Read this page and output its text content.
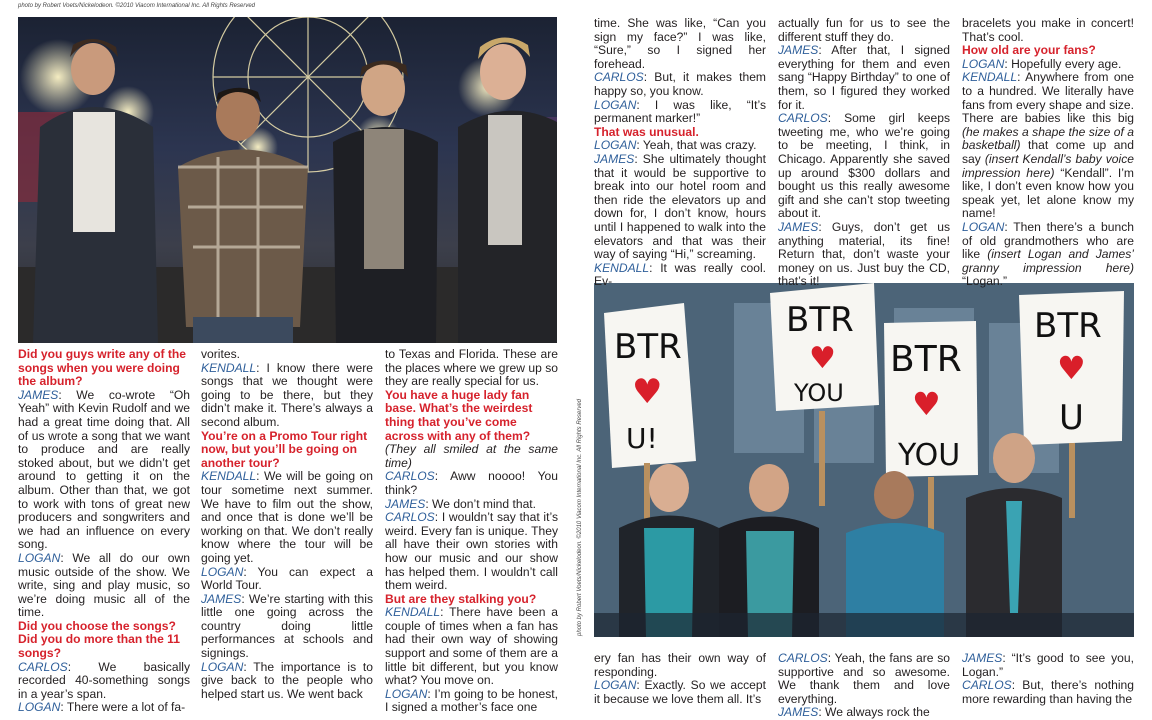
photo by Robert Voets/Nickelodeon. ©2010 Viacom International Inc. All Rights Reserved
photo by Robert Voets/Nickelodeon. ©2010 Viacom International Inc. All Rights Reserved
BTR
♥
U!
BTR
♥
YOU
BTR
♥
YOU
BTR
♥
U

Did you guys write any of the songs when you were doing the album?

JAMES: We co-wrote “Oh Yeah” with Kevin Rudolf and we had a great time doing that. All of us wrote a song that we want to produce and are really stoked about, but we didn’t get around to getting it on the album. Other than that, we got to work with tons of great new producers and songwriters and we had an influence on every song.

LOGAN: We all do our own music outside of the show. We write, sing and play music, so we’re doing music all of the time.

Did you choose the songs? Did you do more than the 11 songs?

CARLOS: We basically recorded 40-something songs in a year’s span.

LOGAN: There were a lot of fa-

vorites.

KENDALL: I know there were songs that we thought were going to be there, but they didn’t make it. There’s always a second album.

You’re on a Promo Tour right now, but you’ll be going on another tour?

KENDALL: We will be going on tour sometime next summer. We have to film out the show, and once that is done we’ll be working on that. We don’t really know where the tour will be going yet.

LOGAN: You can expect a World Tour.

JAMES: We’re starting with this little one going across the country doing little performances at schools and signings.

LOGAN: The importance is to give back to the people who helped start us. We went back

to Texas and Florida. These are the places where we grew up so they are really special for us.

You have a huge lady fan base. What’s the weirdest thing that you’ve come across with any of them?

(They all smiled at the same time)

CARLOS: Aww noooo! You think?

JAMES: We don’t mind that.

CARLOS: I wouldn’t say that it’s weird. Every fan is unique. They all have their own stories with how our music and our show has helped them. I wouldn’t call them weird.

But are they stalking you?

KENDALL: There have been a couple of times when a fan has had their own way of showing support and some of them are a little bit different, but you know what? You move on.

LOGAN: I’m going to be honest, I signed a mother’s face one

time. She was like, “Can you sign my face?” I was like, “Sure,” so I signed her forehead.

CARLOS: But, it makes them happy so, you know.

LOGAN: I was like, “It’s permanent marker!”

That was unusual.

LOGAN: Yeah, that was crazy.

JAMES: She ultimately thought that it would be supportive to break into our hotel room and then ride the elevators up and down for, I don’t know, hours until I happened to walk into the elevators and that was their way of saying “Hi,” screaming.

KENDALL: It was really cool. Ev-

actually fun for us to see the different stuff they do.

JAMES: After that, I signed everything for them and even sang “Happy Birthday” to one of them, so I figured they worked for it.

CARLOS: Some girl keeps tweeting me, who we’re going to be meeting, I think, in Chicago. Apparently she saved up around $300 dollars and bought us this really awesome gift and she can’t stop tweeting about it.

JAMES: Guys, don’t get us anything material, its fine! Return that, don’t waste your money on us. Just buy the CD, that’s it!

bracelets you make in concert! That’s cool.

How old are your fans?

LOGAN: Hopefully every age.

KENDALL: Anywhere from one to a hundred. We literally have fans from every shape and size. There are babies like this big (he makes a shape the size of a basketball) that come up and say (insert Kendall’s baby voice impression here) “Kendall”. I’m like, I don’t even know how you speak yet, let alone know my name!

LOGAN: Then there’s a bunch of old grandmothers who are like (insert Logan and James’ granny impression here) “Logan.”

ery fan has their own way of responding.

LOGAN: Exactly. So we accept it because we love them all. It’s

CARLOS: Yeah, the fans are so supportive and so awesome. We thank them and love everything.

JAMES: We always rock the

JAMES: “It’s good to see you, Logan.”

CARLOS: But, there’s nothing more rewarding than having the
